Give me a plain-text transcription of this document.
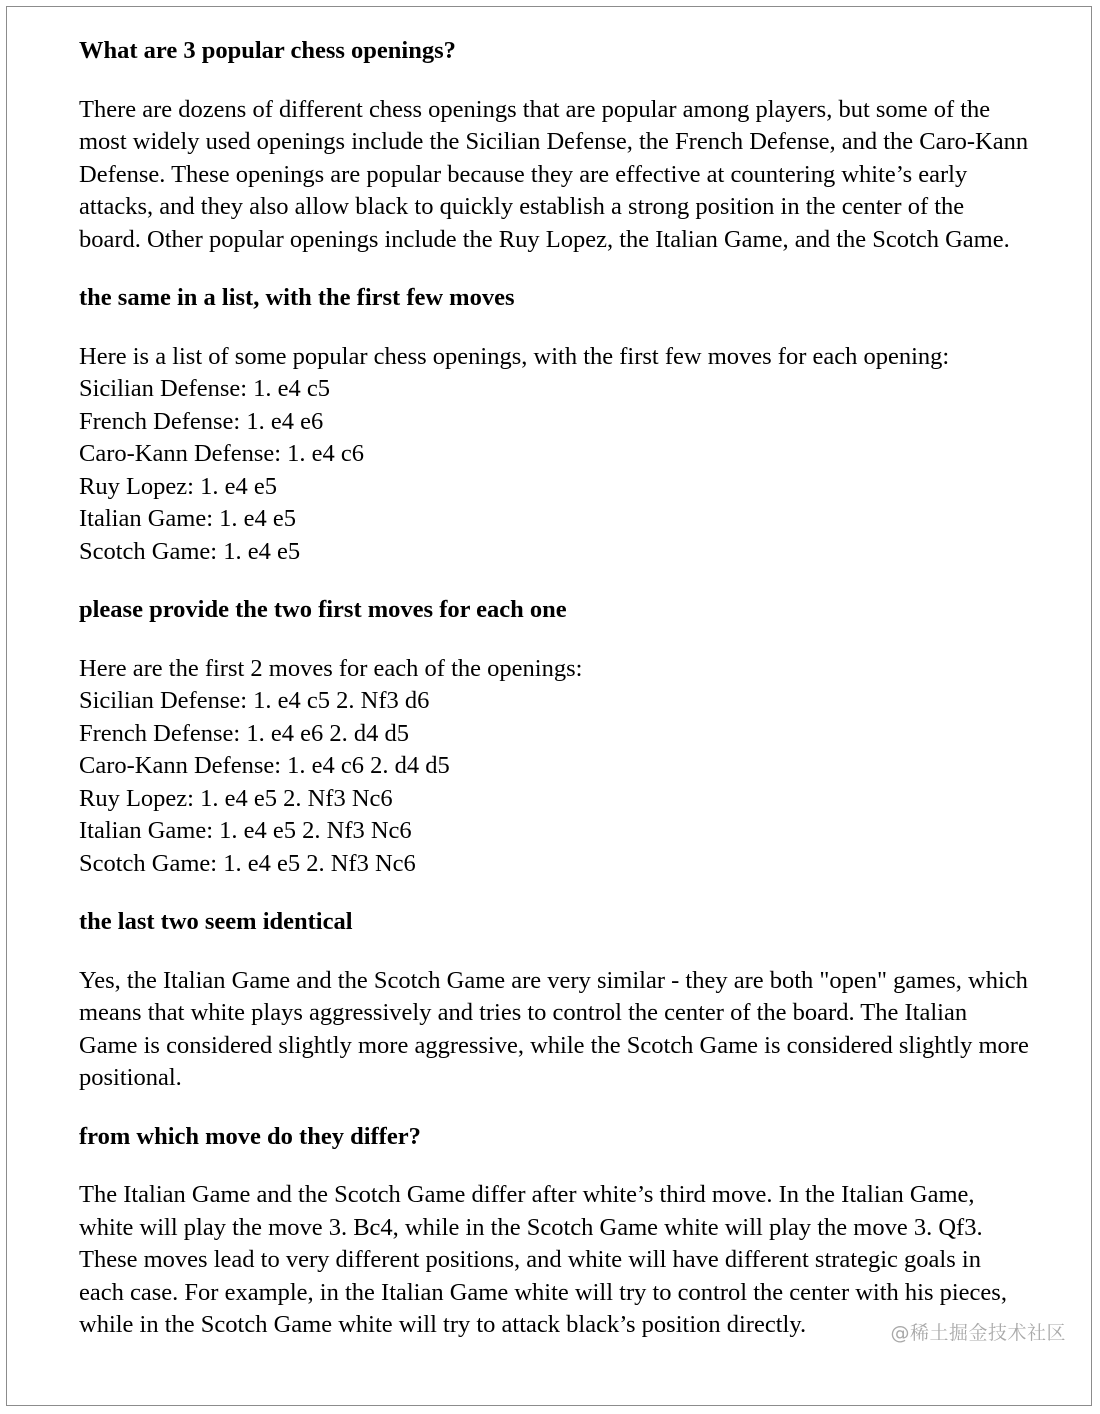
What are 3 popular chess openings?

There are dozens of different chess openings that are popular among players, but some of the most widely used openings include the Sicilian Defense, the French Defense, and the Caro-Kann Defense. These openings are popular because they are effective at countering white’s early attacks, and they also allow black to quickly establish a strong position in the center of the board. Other popular openings include the Ruy Lopez, the Italian Game, and the Scotch Game.

the same in a list, with the first few moves

Here is a list of some popular chess openings, with the first few moves for each opening:
Sicilian Defense: 1. e4 c5
French Defense: 1. e4 e6
Caro-Kann Defense: 1. e4 c6
Ruy Lopez: 1. e4 e5
Italian Game: 1. e4 e5
Scotch Game: 1. e4 e5

please provide the two first moves for each one

Here are the first 2 moves for each of the openings:
Sicilian Defense: 1. e4 c5 2. Nf3 d6
French Defense: 1. e4 e6 2. d4 d5
Caro-Kann Defense: 1. e4 c6 2. d4 d5
Ruy Lopez: 1. e4 e5 2. Nf3 Nc6
Italian Game: 1. e4 e5 2. Nf3 Nc6
Scotch Game: 1. e4 e5 2. Nf3 Nc6

the last two seem identical

Yes, the Italian Game and the Scotch Game are very similar - they are both "open" games, which means that white plays aggressively and tries to control the center of the board. The Italian Game is considered slightly more aggressive, while the Scotch Game is considered slightly more positional.

from which move do they differ?

The Italian Game and the Scotch Game differ after white’s third move. In the Italian Game, white will play the move 3. Bc4, while in the Scotch Game white will play the move 3. Qf3. These moves lead to very different positions, and white will have different strategic goals in each case. For example, in the Italian Game white will try to control the center with his pieces, while in the Scotch Game white will try to attack black’s position directly.	@稀土掘金技术社区
